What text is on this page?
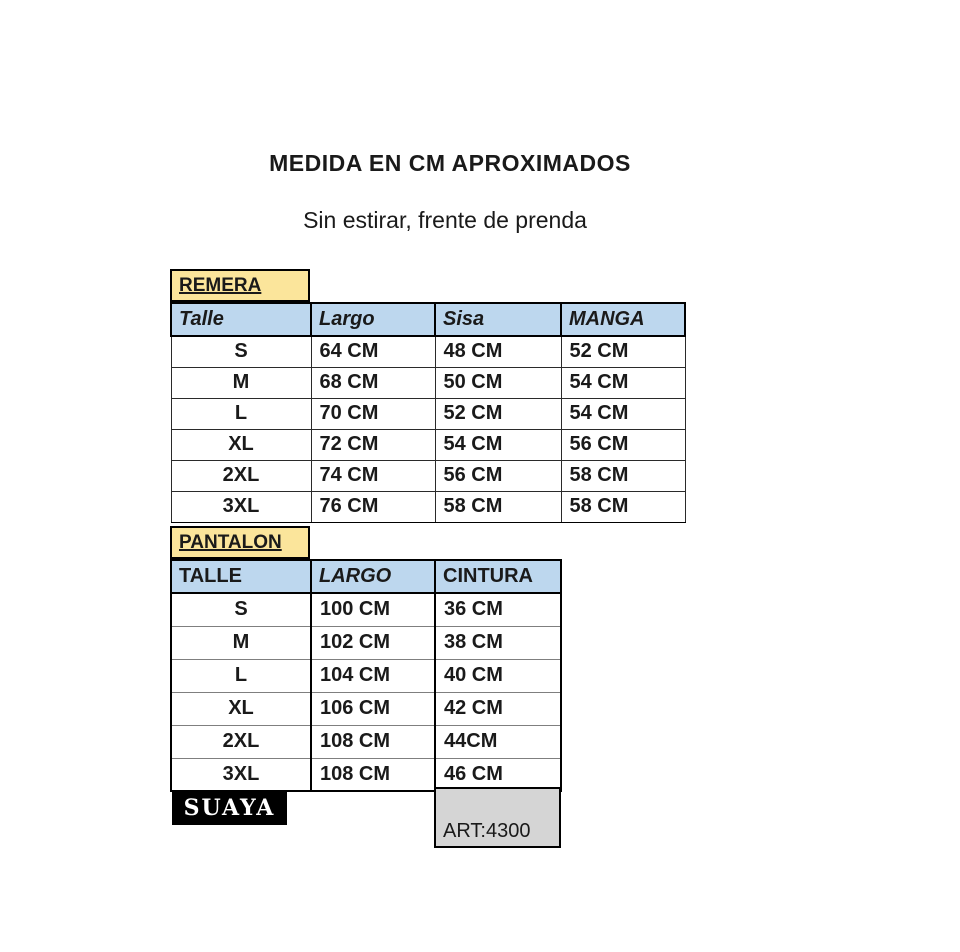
MEDIDA EN CM APROXIMADOS
Sin estirar, frente de prenda
REMERA
Talle	Largo	Sisa	MANGA
S	64 CM	48 CM	52 CM
M	68 CM	50 CM	54 CM
L	70 CM	52 CM	54 CM
XL	72 CM	54 CM	56 CM
2XL	74 CM	56 CM	58 CM
3XL	76 CM	58 CM	58 CM
PANTALON
TALLE	LARGO	CINTURA
S	100 CM	36 CM
M	102 CM	38 CM
L	104 CM	40 CM
XL	106 CM	42 CM
2XL	108 CM	44CM
3XL	108 CM	46 CM
SUAYA
ART:4300
